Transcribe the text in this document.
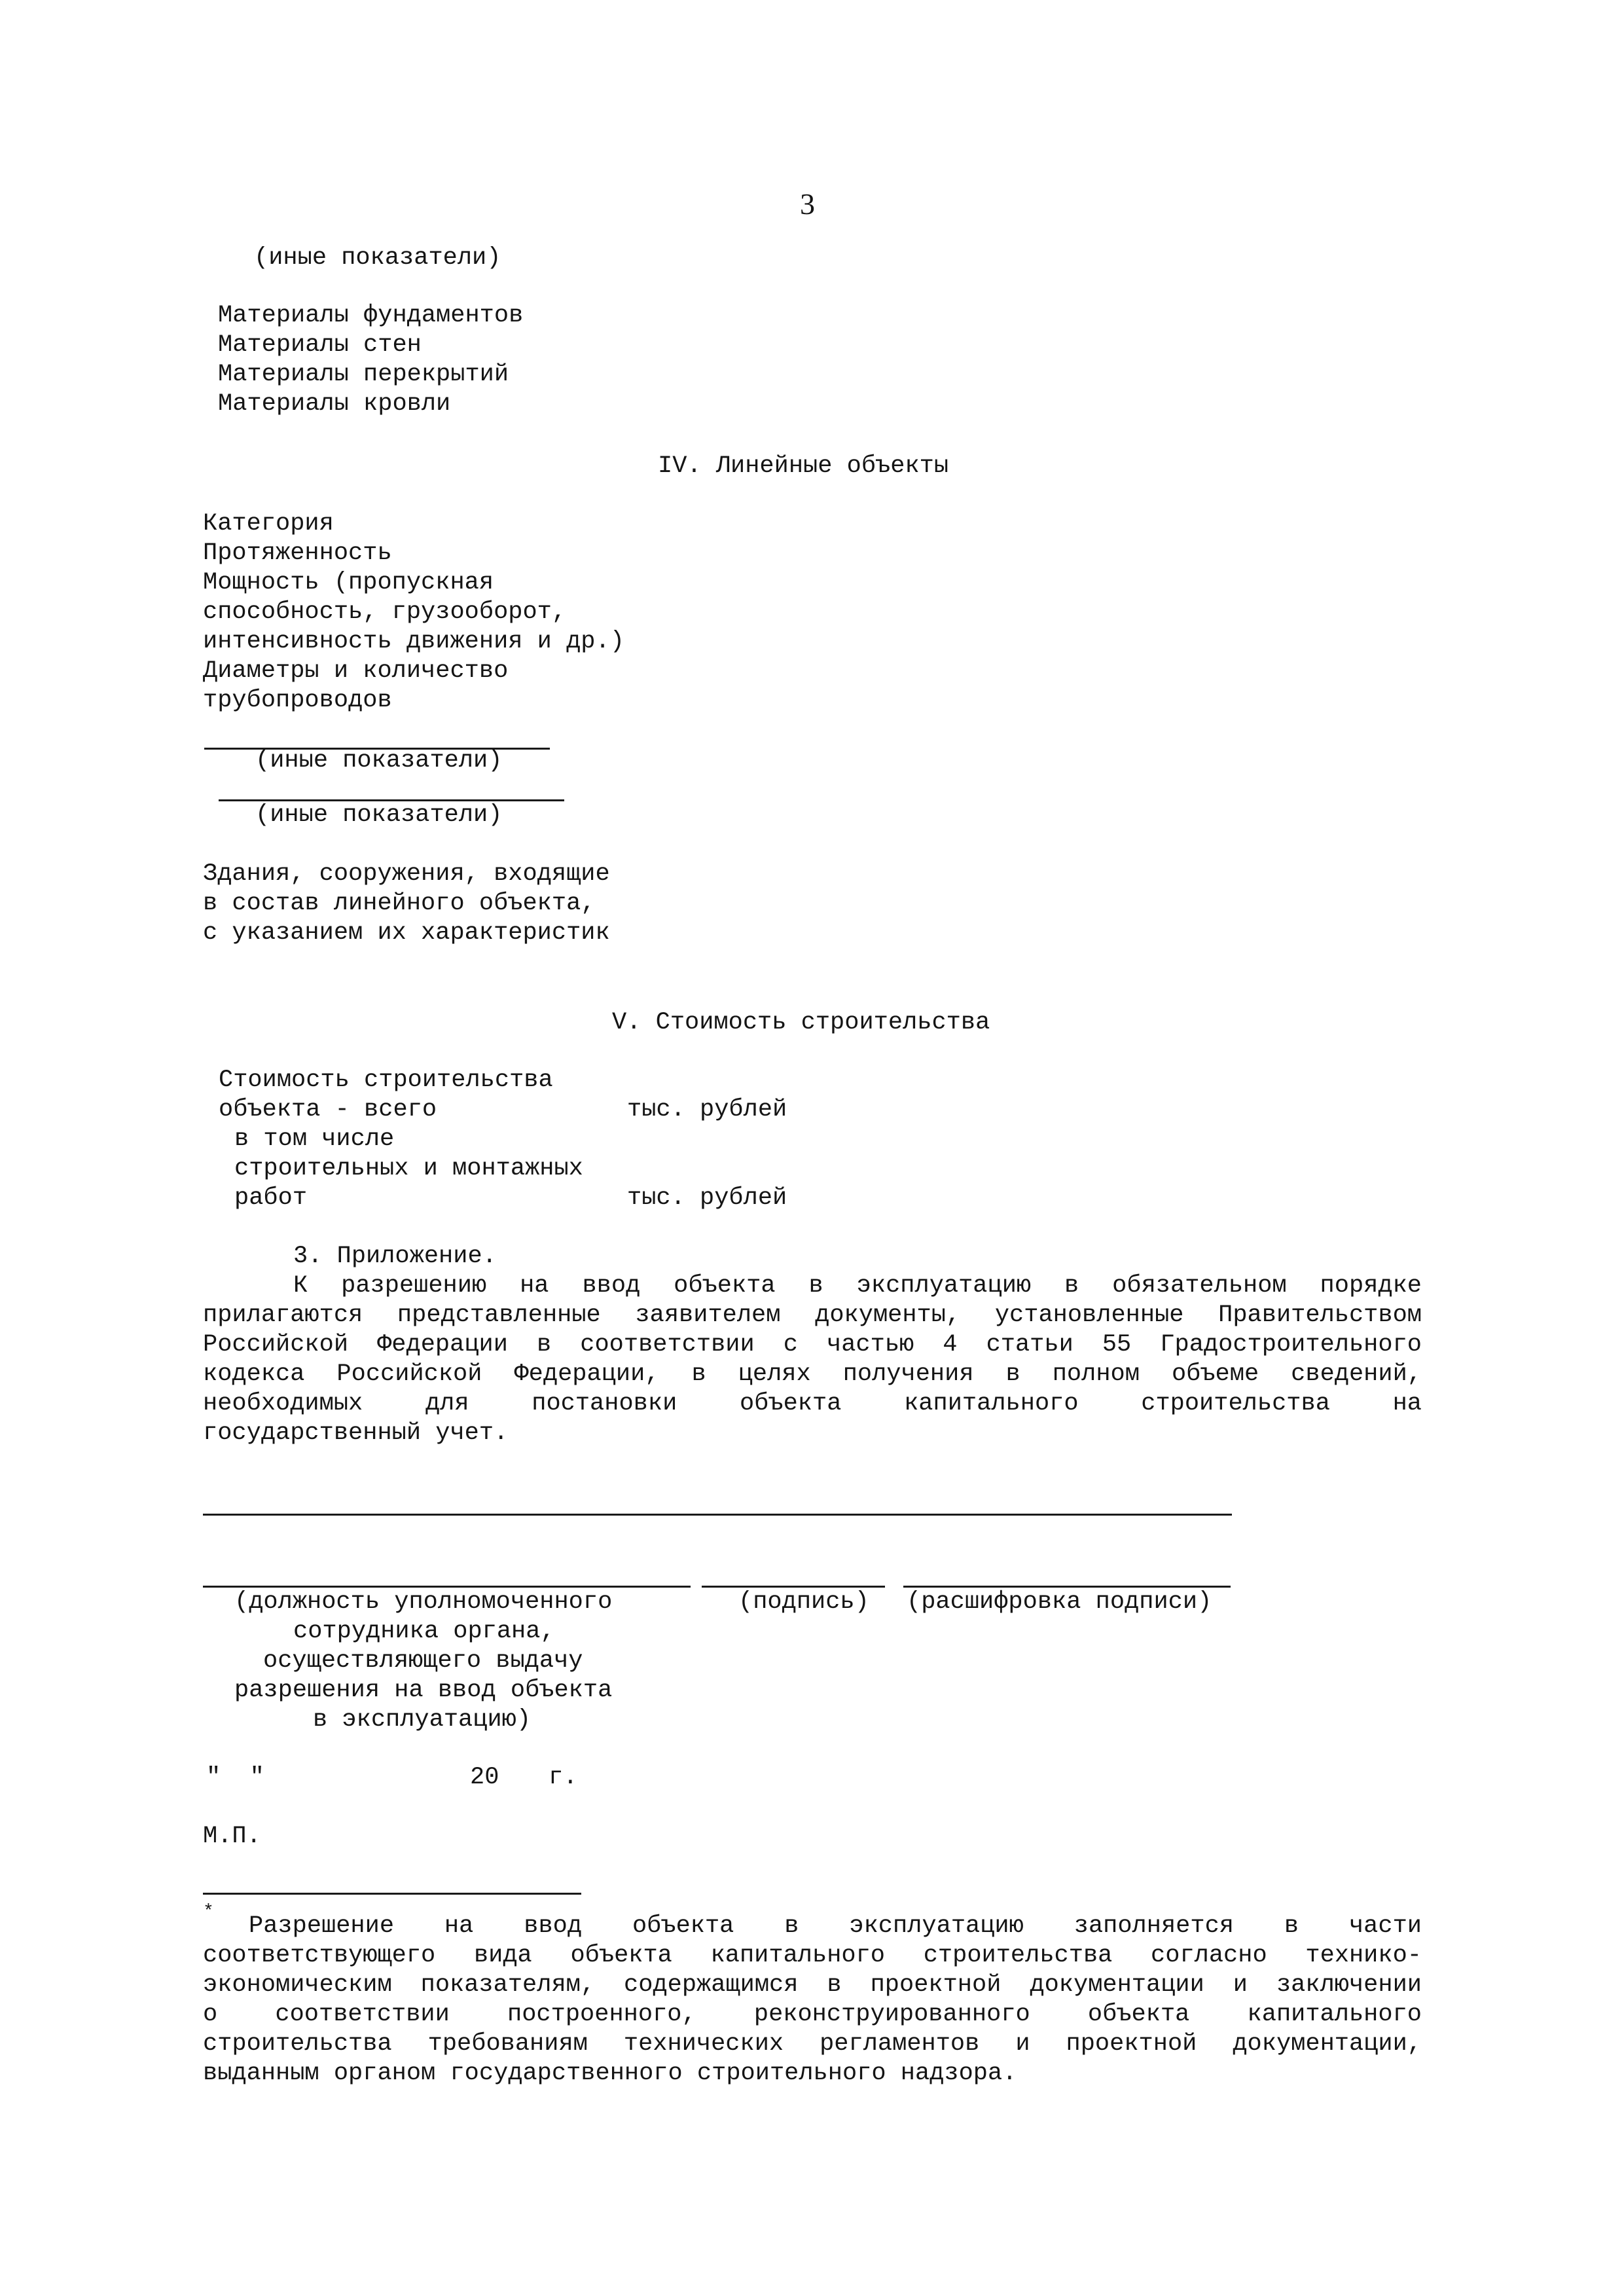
3
(иные показатели)
Материалы фундаментов
Материалы стен
Материалы перекрытий
Материалы кровли
IV. Линейные объекты
Категория
Протяженность
Мощность (пропускная
способность, грузооборот,
интенсивность движения и др.)
Диаметры и количество
трубопроводов
(иные показатели)
(иные показатели)
Здания, сооружения, входящие
в состав линейного объекта,
с указанием их характеристик
V. Стоимость строительства
Стоимость строительства
объекта - всего	тыс. рублей
в том числе
строительных и монтажных
работ	тыс. рублей
3. Приложение.
К разрешению на ввод объекта в эксплуатацию в обязательном порядке
прилагаются представленные заявителем документы, установленные Правительством
Российской Федерации в соответствии с частью 4 статьи 55 Градостроительного
кодекса Российской Федерации, в целях получения в полном объеме сведений,
необходимых для постановки объекта капитального строительства на
государственный учет.
(должность уполномоченного
сотрудника органа,
осуществляющего выдачу
разрешения на ввод объекта
в эксплуатацию)
(подпись) (расшифровка подписи)
"  "	20 г.
М.П.
*
Разрешение на ввод объекта в эксплуатацию заполняется в части
соответствующего вида объекта капитального строительства согласно технико-
экономическим показателям, содержащимся в проектной документации и заключении
о соответствии построенного, реконструированного объекта капитального
строительства требованиям технических регламентов и проектной документации,
выданным органом государственного строительного надзора.
